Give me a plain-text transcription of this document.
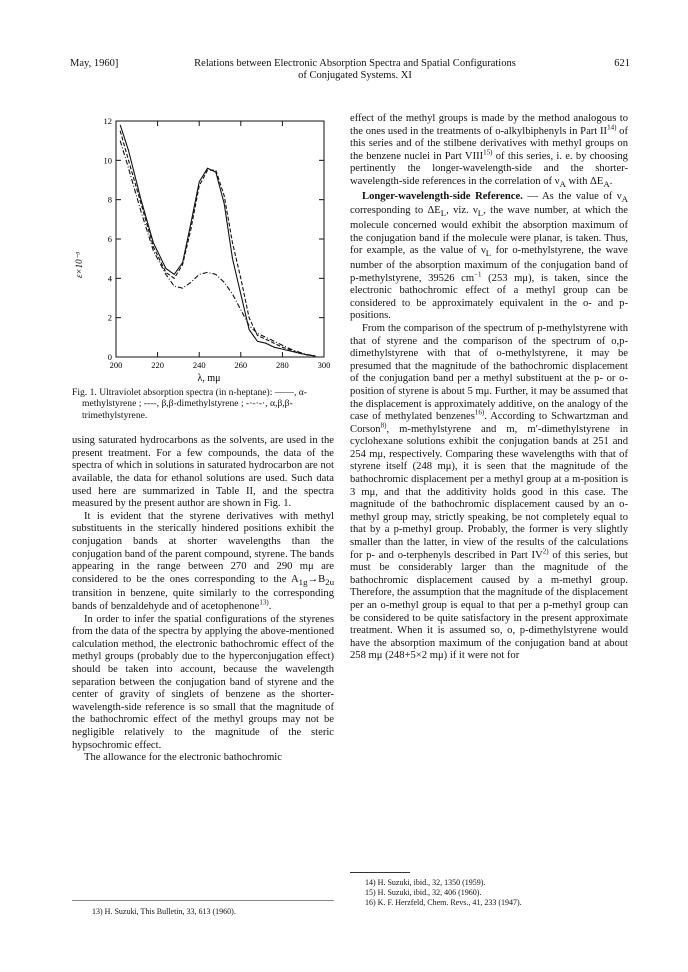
May, 1960]	Relations between Electronic Absorption Spectra and Spatial Configurations
of Conjugated Systems. XI
621
200	220	240	260	280	300
0
2
4
6
8
10
12
ε×10⁻³
λ, mμ
Fig. 1. Ultraviolet absorption spectra (in n-heptane): ——, α-methylstyrene ; ----, β,β-dimethylstyrene ; -·-·-·, α,β,β-trimethylstyrene.

using saturated hydrocarbons as the solvents, are used in the present treatment. For a few compounds, the data of the spectra of which in solutions in saturated hydrocarbon are not available, the data for ethanol solutions are used. Such data used here are summarized in Table II, and the spectra measured by the present author are shown in Fig. 1.

It is evident that the styrene derivatives with methyl substituents in the sterically hindered positions exhibit the conjugation bands at shorter wavelengths than the conjugation band of the parent compound, styrene. The bands appearing in the range between 270 and 290 mμ are considered to be the ones corresponding to the $A_{1g}\to B_{2u}$ transition in benzene, quite similarly to the corresponding bands of benzaldehyde and of acetophenone$^{13)}$.

In order to infer the spatial configurations of the styrenes from the data of the spectra by applying the above-mentioned calculation method, the electronic bathochromic effect of the methyl groups (probably due to the hyperconjugation effect) should be taken into account, because the wavelength separation between the conjugation band of styrene and the center of gravity of singlets of benzene as the shorter-wavelength-side reference is so small that the magnitude of the bathochromic effect of the methyl groups may not be negligible relatively to the magnitude of the steric hypsochromic effect.

The allowance for the electronic bathochromic

effect of the methyl groups is made by the method analogous to the ones used in the treatments of o-alkylbiphenyls in Part II$^{14)}$ of this series and of the stilbene derivatives with methyl groups on the benzene nuclei in Part VIII$^{15)}$ of this series, i. e. by choosing pertinently the longer-wavelength-side and the shorter-wavelength-side references in the correlation of $\nu_A$ with $\Delta E_A$.

Longer-wavelength-side Reference. — As the value of $\nu_A$ corresponding to $\Delta E_L$, viz. $\nu_L$, the wave number, at which the molecule concerned would exhibit the absorption maximum of the conjugation band if the molecule were planar, is taken. Thus, for example, as the value of $\nu_L$ for o-methylstyrene, the wave number of the absorption maximum of the conjugation band of p-methylstyrene, 39526 $cm^{-1}$ (253 mμ), is taken, since the electronic bathochromic effect of a methyl group can be considered to be approximately equivalent in the o- and p-positions.

From the comparison of the spectrum of p-methylstyrene with that of styrene and the comparison of the spectrum of o,p-dimethylstyrene with that of o-methylstyrene, it may be presumed that the magnitude of the bathochromic displacement of the conjugation band per a methyl substituent at the p- or o-position of styrene is about 5 mμ. Further, it may be assumed that the displacement is approximately additive, on the analogy of the case of methylated benzenes$^{16)}$. According to Schwartzman and Corson$^{8)}$, m-methylstyrene and m, m′-dimethylstyrene in cyclohexane solutions exhibit the conjugation bands at 251 and 254 mμ, respectively. Comparing these wavelengths with that of styrene itself (248 mμ), it is seen that the magnitude of the bathochromic displacement per a methyl group at a m-position is 3 mμ, and that the additivity holds good in this case. The magnitude of the bathochromic displacement caused by an o-methyl group may, strictly speaking, be not completely equal to that by a p-methyl group. Probably, the former is very slightly smaller than the latter, in view of the results of the calculations for p- and o-terphenyls described in Part IV$^{2)}$ of this series, but must be considerably larger than the magnitude of the bathochromic displacement caused by a m-methyl group. Therefore, the assumption that the magnitude of the displacement per an o-methyl group is equal to that per a p-methyl group can be considered to be quite satisfactory in the present approximate treatment. When it is assumed so, o, p-dimethylstyrene would have the absorption maximum of the conjugation band at about 258 mμ (248+5×2 mμ) if it were not for

13) H. Suzuki, This Bulletin, 33, 613 (1960).
14) H. Suzuki, ibid., 32, 1350 (1959).
15) H. Suzuki, ibid., 32, 406 (1960).
16) K. F. Herzfeld, Chem. Revs., 41, 233 (1947).
